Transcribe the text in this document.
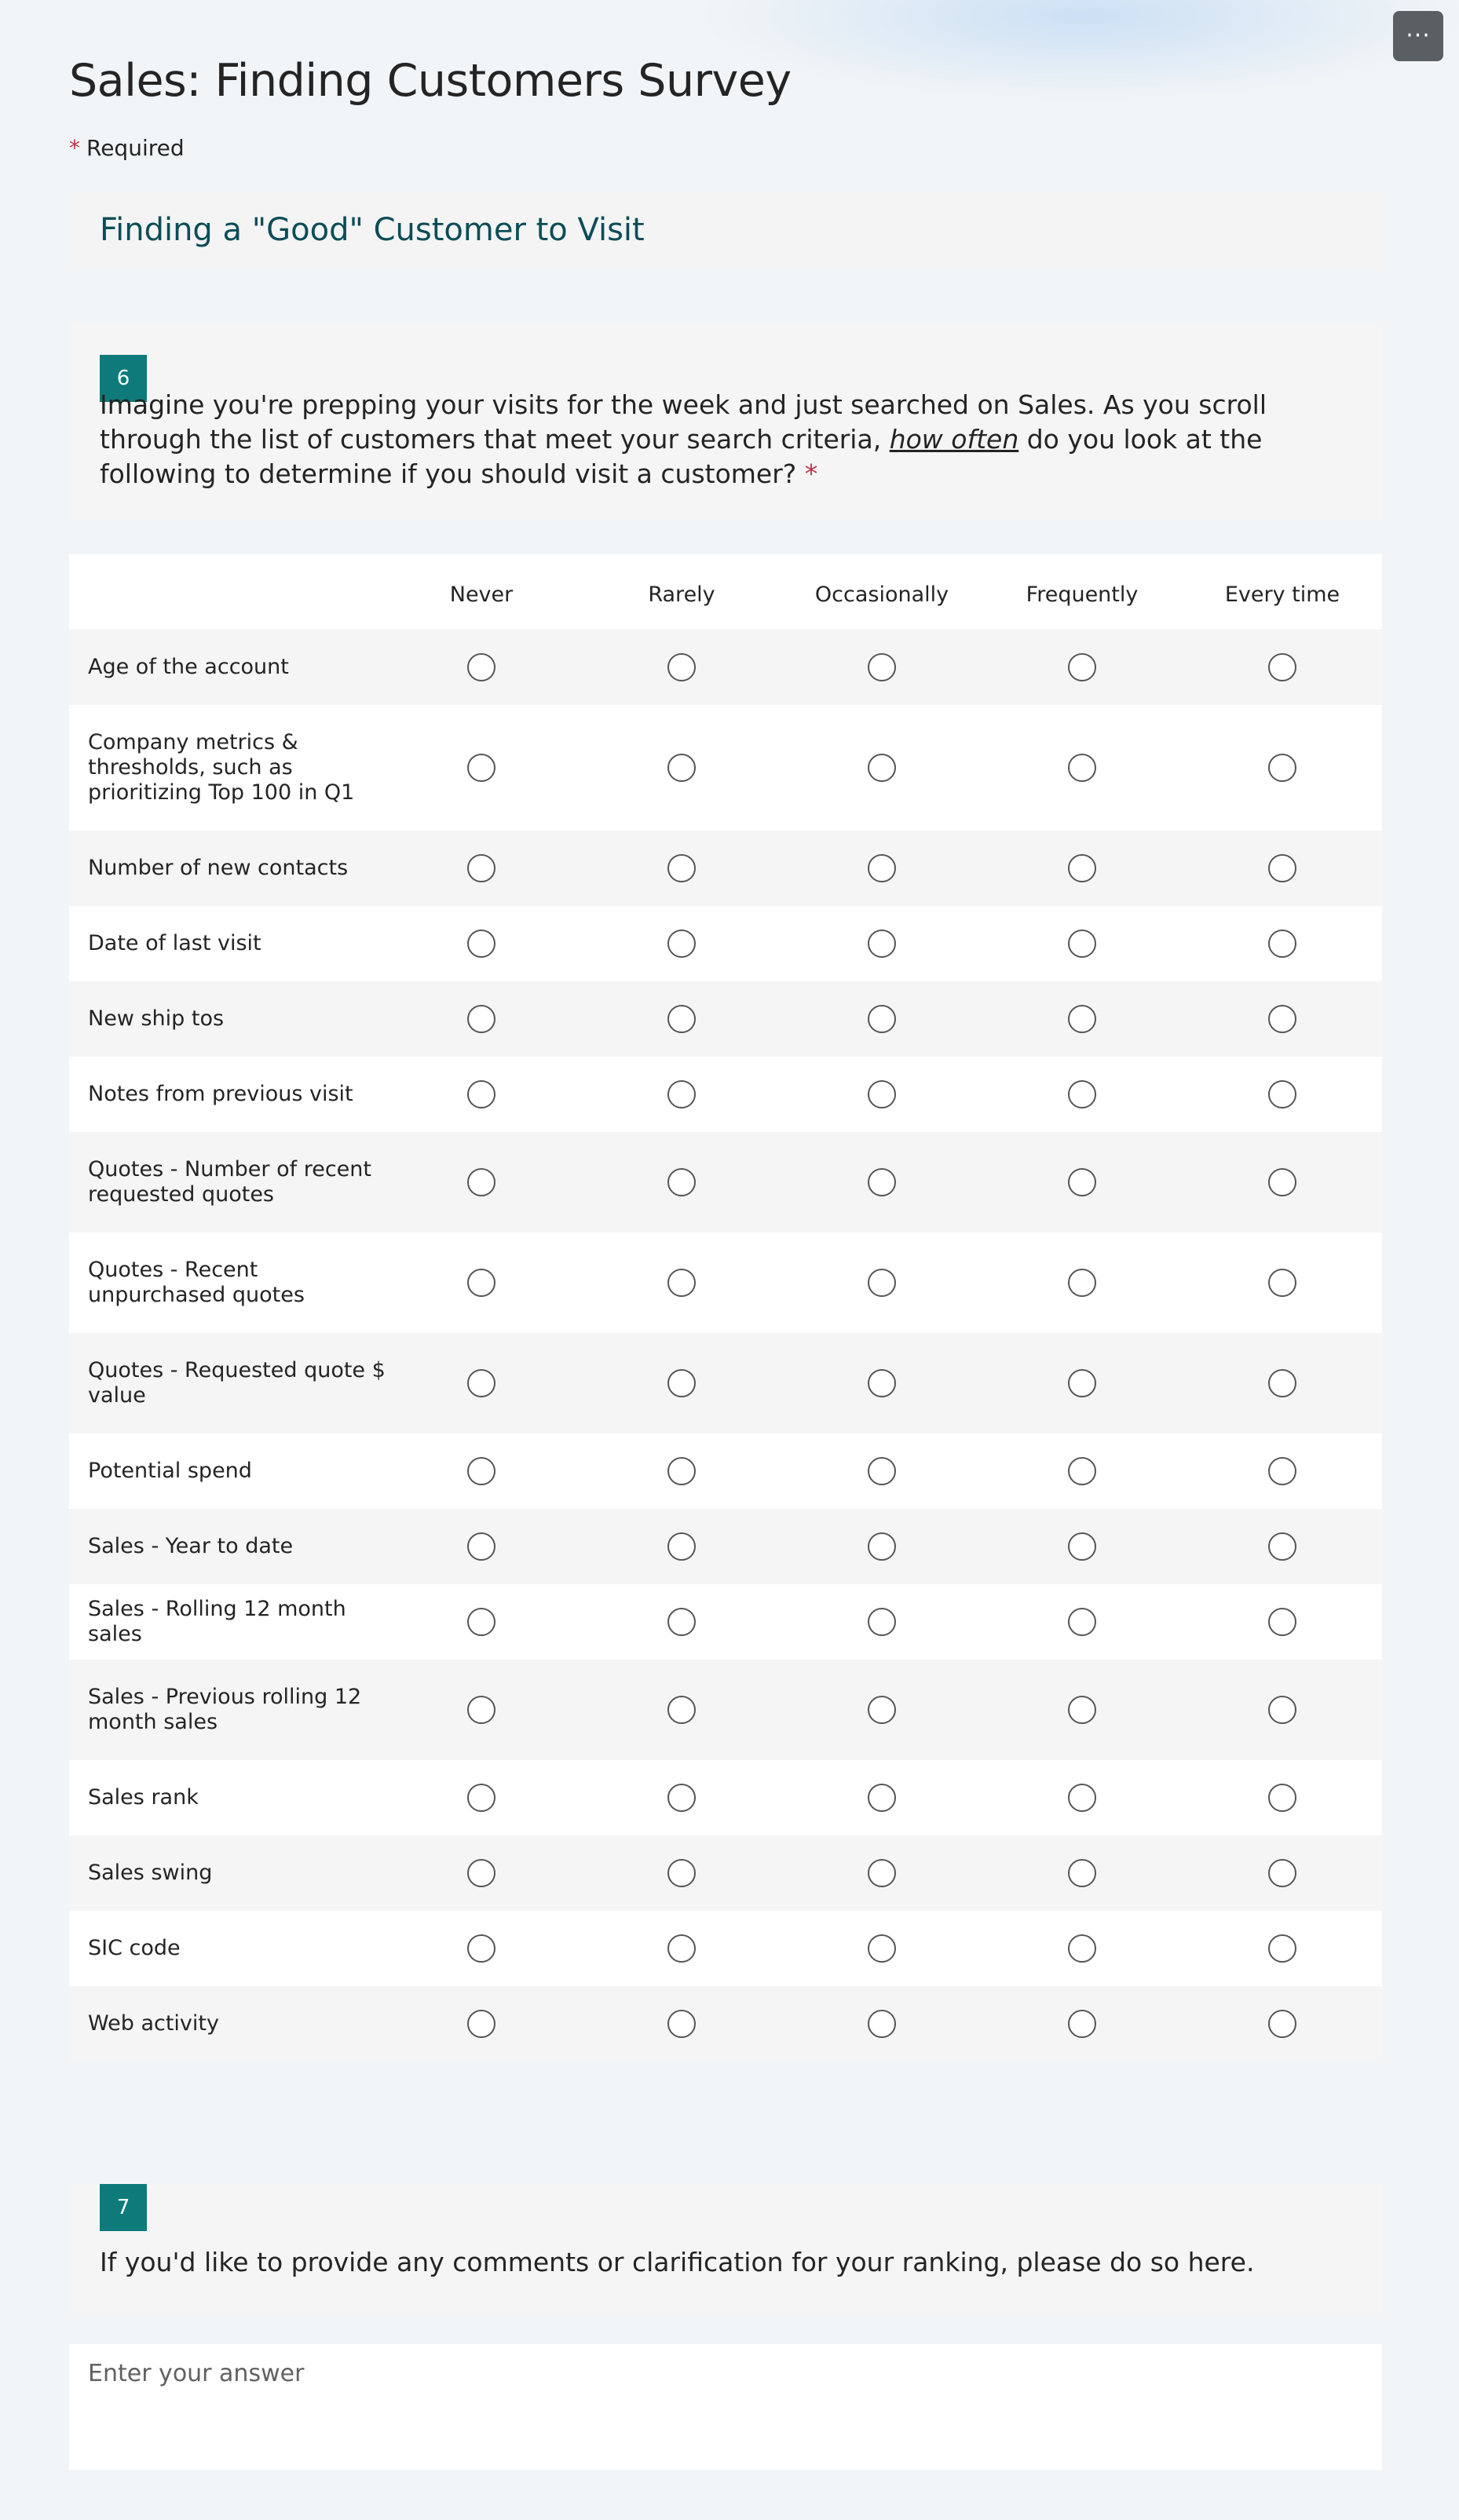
···
Sales: Finding Customers Survey
* Required
Finding a "Good" Customer to Visit
6
Imagine you're prepping your visits for the week and just searched on Sales. As you scroll through the list of customers that meet your search criteria, how often do you look at the following to determine if you should visit a customer? *
Never	Rarely	Occasionally	Frequently	Every time
Age of the account
Company metrics & thresholds, such as prioritizing Top 100 in Q1
Number of new contacts
Date of last visit
New ship tos
Notes from previous visit
Quotes - Number of recent requested quotes
Quotes - Recent unpurchased quotes
Quotes - Requested quote $ value
Potential spend
Sales - Year to date
Sales - Rolling 12 month sales
Sales - Previous rolling 12 month sales
Sales rank
Sales swing
SIC code
Web activity
7
If you'd like to provide any comments or clarification for your ranking, please do so here.
Enter your answer
